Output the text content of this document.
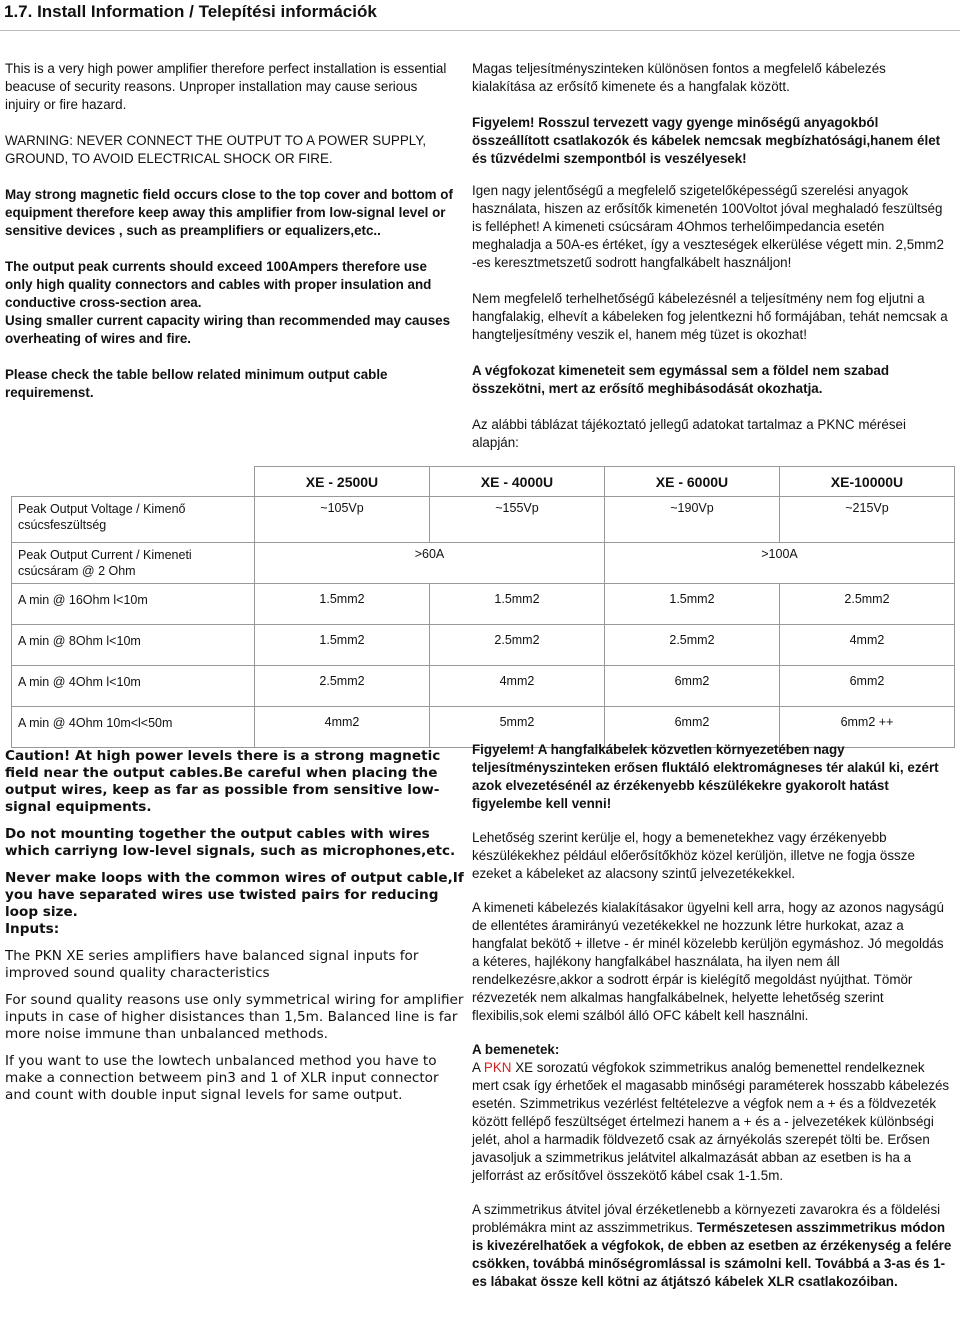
1.7. Install Information / Telepítési információk

This is a very high power amplifier therefore perfect installation is essential beacuse of security reasons. Unproper installation may cause serious injuiry or fire hazard.

WARNING: NEVER CONNECT THE OUTPUT TO A POWER SUPPLY, GROUND, TO AVOID ELECTRICAL SHOCK OR FIRE.

May strong magnetic field occurs close to the top cover and bottom of equipment therefore keep away this amplifier from low-signal level or sensitive devices , such as preamplifiers or equalizers,etc..

The output peak currents should exceed 100Ampers therefore use only high quality connectors and cables with proper insulation and conductive cross-section area.

Using smaller current capacity wiring than recommended may causes overheating of wires and fire.

Please check the table bellow related minimum output cable requiremenst.

Magas teljesítményszinteken különösen fontos a megfelelő kábelezés kialakítása az erősítő kimenete és a hangfalak között.

Figyelem! Rosszul tervezett vagy gyenge minőségű anyagokból összeállított csatlakozók és kábelek nemcsak megbízhatósági,hanem élet és tűzvédelmi szempontból is veszélyesek!

Igen nagy jelentőségű a megfelelő szigetelőképességű szerelési anyagok használata, hiszen az erősítők kimenetén 100Voltot jóval meghaladó feszültség is felléphet! A kimeneti csúcsáram 4Ohmos terhelőimpedancia esetén meghaladja a 50A-es értéket, így a veszteségek elkerülése végett min. 2,5mm2 -es keresztmetszetű sodrott hangfalkábelt használjon!

Nem megfelelő terhelhetőségű kábelezésnél a teljesítmény nem fog eljutni a hangfalakig, elhevít a kábeleken fog jelentkezni hő formájában, tehát nemcsak a hangteljesítmény veszik el, hanem még tüzet is okozhat!

A végfokozat kimeneteit sem egymással sem a földel nem szabad összekötni, mert az erősítő meghibásodását okozhatja.

Az alábbi táblázat tájékoztató jellegű adatokat tartalmaz a PKNC mérései alapján:

	XE - 2500U	XE - 4000U	XE - 6000U	XE-10000U
Peak Output Voltage / Kimenő csúcsfeszültség	~105Vp	~155Vp	~190Vp	~215Vp
Peak Output Current / Kimeneti csúcsáram @ 2 Ohm	>60A		>100A	
A min @ 16Ohm l<10m	1.5mm2	1.5mm2	1.5mm2	2.5mm2
A min @ 8Ohm l<10m	1.5mm2	2.5mm2	2.5mm2	4mm2
A min @ 4Ohm l<10m	2.5mm2	4mm2	6mm2	6mm2
A min @ 4Ohm 10m<l<50m	4mm2	5mm2	6mm2	6mm2 ++

Caution! At high power levels there is a strong magnetic field near the output cables.Be careful when placing the output wires, keep as far as possible from sensitive low-signal equipments.

Do not mounting together the output cables with wires which carriyng low-level signals, such as microphones,etc.

Never make loops with the common wires of output cable,If you have separated wires use twisted pairs for reducing loop size.

Inputs:

The PKN XE series amplifiers have balanced signal inputs for improved sound quality characteristics

For sound quality reasons use only symmetrical wiring for amplifier inputs in case of higher disistances than 1,5m. Balanced line is far more noise immune than unbalanced methods.

If you want to use the lowtech unbalanced method you have to make a connection betweem pin3 and 1 of XLR input connector and count with double input signal levels for same output.

Figyelem! A hangfalkábelek közvetlen környezetében nagy teljesítményszinteken erősen fluktáló elektromágneses tér alakúl ki, ezért azok elvezetésénél az érzékenyebb készülékekre gyakorolt hatást figyelembe kell venni!

Lehetőség szerint kerülje el, hogy a bemenetekhez vagy érzékenyebb készülékekhez például előerősítőkhöz közel kerüljön, illetve ne fogja össze ezeket a kábeleket az alacsony szintű jelvezetékekkel.

A kimeneti kábelezés kialakításakor ügyelni kell arra, hogy az azonos nagyságú de ellentétes áramirányú vezetékekkel ne hozzunk létre hurkokat, azaz a hangfalat bekötő + illetve - ér minél közelebb kerüljön egymáshoz. Jó megoldás a kéteres, hajlékony hangfalkábel használata, ha ilyen nem áll rendelkezésre,akkor a sodrott érpár is kielégítő megoldást nyújthat. Tömör rézvezeték nem alkalmas hangfalkábelnek, helyette lehetőség szerint flexibilis,sok elemi szálból álló OFC kábelt kell használni.

A bemenetek:
A PKN XE sorozatú végfokok szimmetrikus analóg bemenettel rendelkeznek mert csak így érhetőek el magasabb minőségi paraméterek hosszabb kábelezés esetén. Szimmetrikus vezérlést feltételezve a végfok nem a + és a földvezeték között fellépő feszültséget értelmezi hanem a + és a - jelvezetékek különbségi jelét, ahol a harmadik földvezető csak az árnyékolás szerepét tölti be. Erősen javasoljuk a szimmetrikus jelátvitel alkalmazását abban az esetben is ha a jelforrást az erősítővel összekötő kábel csak 1-1.5m.

A szimmetrikus átvitel jóval érzéketlenebb a környezeti zavarokra és a földelési problémákra mint az asszimmetrikus. Természetesen asszimmetrikus módon is kivezérelhatőek a végfokok, de ebben az esetben az érzékenység a felére csökken, továbbá minőségromlással is számolni kell. Továbbá a 3-as és 1-es lábakat össze kell kötni az átjátszó kábelek XLR csatlakozóiban.
